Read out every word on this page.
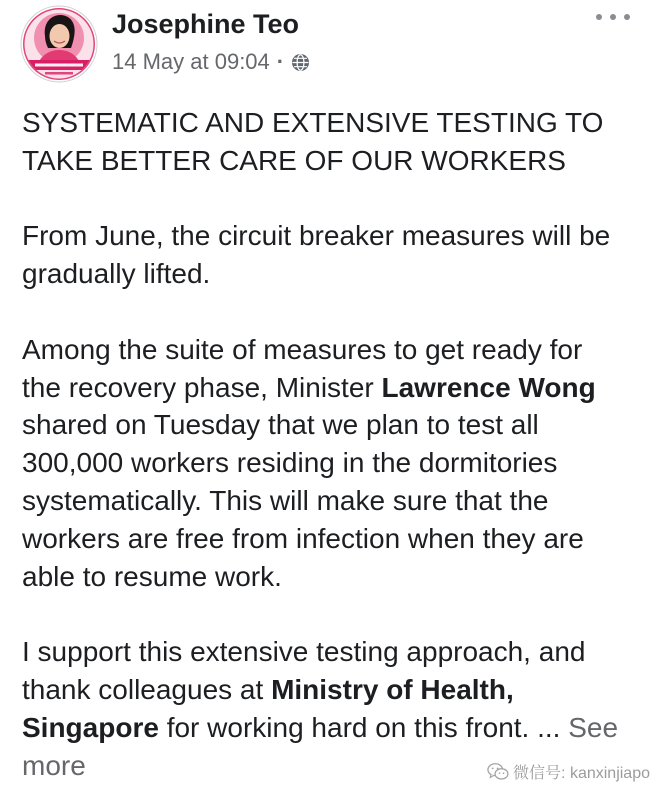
Josephine Teo
14 May at 09:04 ·
SYSTEMATIC AND EXTENSIVE TESTING TO
TAKE BETTER CARE OF OUR WORKERS
From June, the circuit breaker measures will be
gradually lifted.
Among the suite of measures to get ready for
the recovery phase, Minister Lawrence Wong
shared on Tuesday that we plan to test all
300,000 workers residing in the dormitories
systematically. This will make sure that the
workers are free from infection when they are
able to resume work.
I support this extensive testing approach, and
thank colleagues at Ministry of Health,
Singapore for working hard on this front. ... See
more	微信号: kanxinjiapo
